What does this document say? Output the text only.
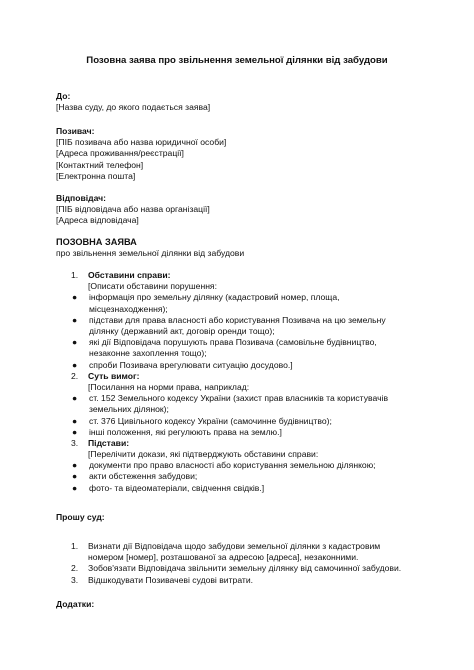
Позовна заява про звільнення земельної ділянки від забудови
До:
[Назва суду, до якого подається заява]
Позивач:
[ПІБ позивача або назва юридичної особи]
[Адреса проживання/реєстрації]
[Контактний телефон]
[Електронна пошта]
Відповідач:
[ПІБ відповідача або назва організації]
[Адреса відповідача]
ПОЗОВНА ЗАЯВА
про звільнення земельної ділянки від забудови
1. Обставини справи:
[Описати обставини порушення:
● інформація про земельну ділянку (кадастровий номер, площа,
місцезнаходження);
● підстави для права власності або користування Позивача на цю земельну
ділянку (державний акт, договір оренди тощо);
● які дії Відповідача порушують права Позивача (самовільне будівництво,
незаконне захоплення тощо);
● спроби Позивача врегулювати ситуацію досудово.]
2. Суть вимог:
[Посилання на норми права, наприклад:
● ст. 152 Земельного кодексу України (захист прав власників та користувачів
земельних ділянок);
● ст. 376 Цивільного кодексу України (самочинне будівництво);
● інші положення, які регулюють права на землю.]
3. Підстави:
[Перелічити докази, які підтверджують обставини справи:
● документи про право власності або користування земельною ділянкою;
● акти обстеження забудови;
● фото- та відеоматеріали, свідчення свідків.]
Прошу суд:
1. Визнати дії Відповідача щодо забудови земельної ділянки з кадастровим
номером [номер], розташованої за адресою [адреса], незаконними.
2. Зобов'язати Відповідача звільнити земельну ділянку від самочинної забудови.
3. Відшкодувати Позивачеві судові витрати.
Додатки:
